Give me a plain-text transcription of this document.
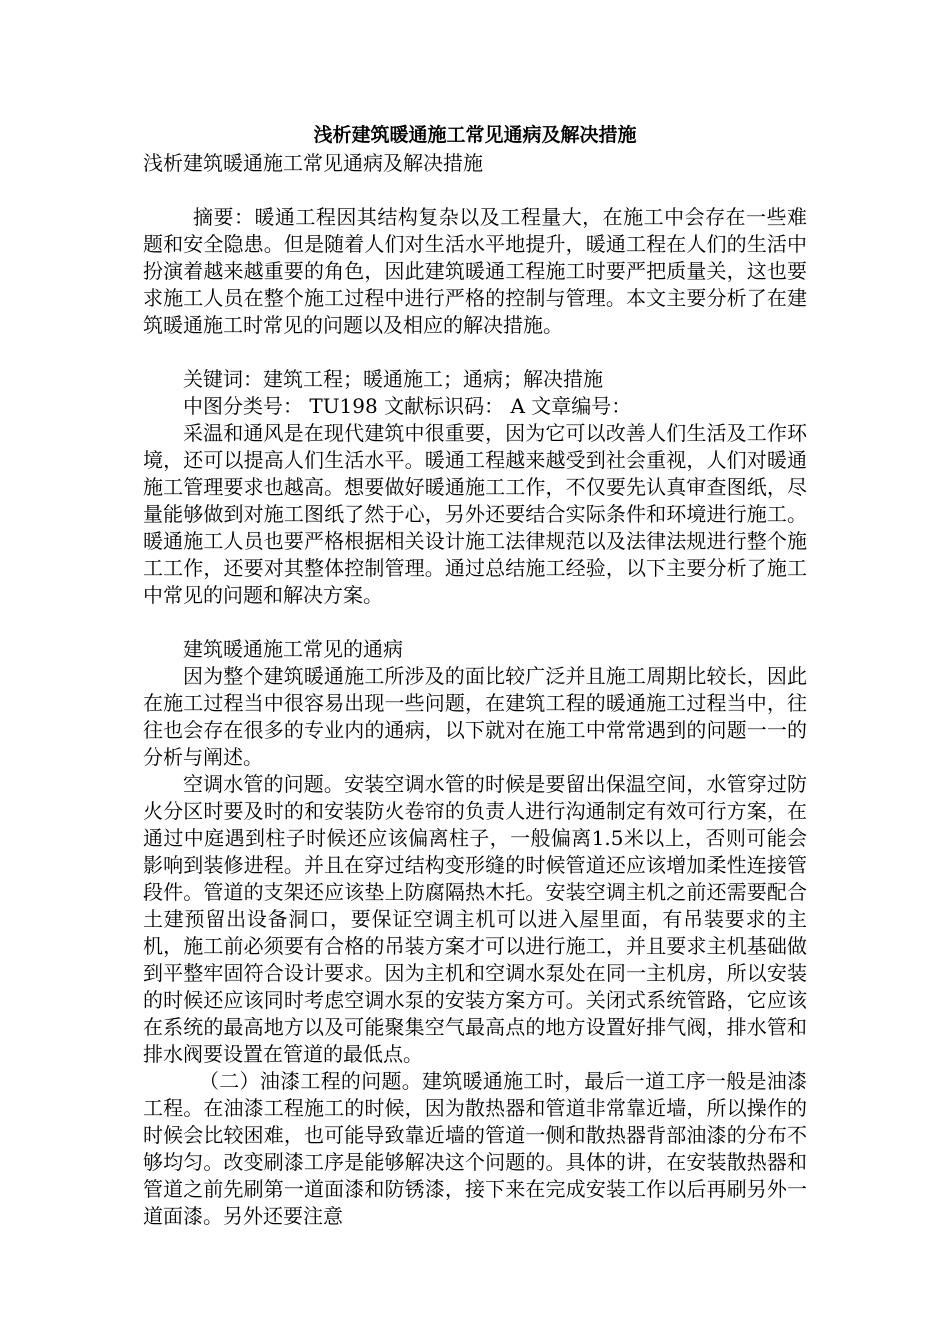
浅析建筑暖通施工常见通病及解决措施
浅析建筑暖通施工常见通病及解决措施
摘要：暖通工程因其结构复杂以及工程量大，在施工中会存在一些难题和安全隐患。但是随着人们对生活水平地提升，暖通工程在人们的生活中扮演着越来越重要的角色，因此建筑暖通工程施工时要严把质量关，这也要求施工人员在整个施工过程中进行严格的控制与管理。本文主要分析了在建筑暖通施工时常见的问题以及相应的解决措施。
关键词：建筑工程；暖通施工；通病；解决措施
中图分类号： TU198 文献标识码： A 文章编号：
采温和通风是在现代建筑中很重要，因为它可以改善人们生活及工作环境，还可以提高人们生活水平。暖通工程越来越受到社会重视，人们对暖通施工管理要求也越高。想要做好暖通施工工作，不仅要先认真审查图纸，尽量能够做到对施工图纸了然于心，另外还要结合实际条件和环境进行施工。暖通施工人员也要严格根据相关设计施工法律规范以及法律法规进行整个施工工作，还要对其整体控制管理。通过总结施工经验，以下主要分析了施工中常见的问题和解决方案。
建筑暖通施工常见的通病
因为整个建筑暖通施工所涉及的面比较广泛并且施工周期比较长，因此在施工过程当中很容易出现一些问题，在建筑工程的暖通施工过程当中，往往也会存在很多的专业内的通病，以下就对在施工中常常遇到的问题一一的分析与阐述。
空调水管的问题。安装空调水管的时候是要留出保温空间，水管穿过防火分区时要及时的和安装防火卷帘的负责人进行沟通制定有效可行方案，在通过中庭遇到柱子时候还应该偏离柱子，一般偏离1.5米以上，否则可能会影响到装修进程。并且在穿过结构变形缝的时候管道还应该增加柔性连接管段件。管道的支架还应该垫上防腐隔热木托。安装空调主机之前还需要配合土建预留出设备洞口，要保证空调主机可以进入屋里面，有吊装要求的主机，施工前必须要有合格的吊装方案才可以进行施工，并且要求主机基础做到平整牢固符合设计要求。因为主机和空调水泵处在同一主机房，所以安装的时候还应该同时考虑空调水泵的安装方案方可。关闭式系统管路，它应该在系统的最高地方以及可能聚集空气最高点的地方设置好排气阀，排水管和排水阀要设置在管道的最低点。
（二）油漆工程的问题。建筑暖通施工时，最后一道工序一般是油漆工程。在油漆工程施工的时候，因为散热器和管道非常靠近墙，所以操作的时候会比较困难，也可能导致靠近墙的管道一侧和散热器背部油漆的分布不够均匀。改变刷漆工序是能够解决这个问题的。具体的讲，在安装散热器和管道之前先刷第一道面漆和防锈漆，接下来在完成安装工作以后再刷另外一道面漆。另外还要注意
